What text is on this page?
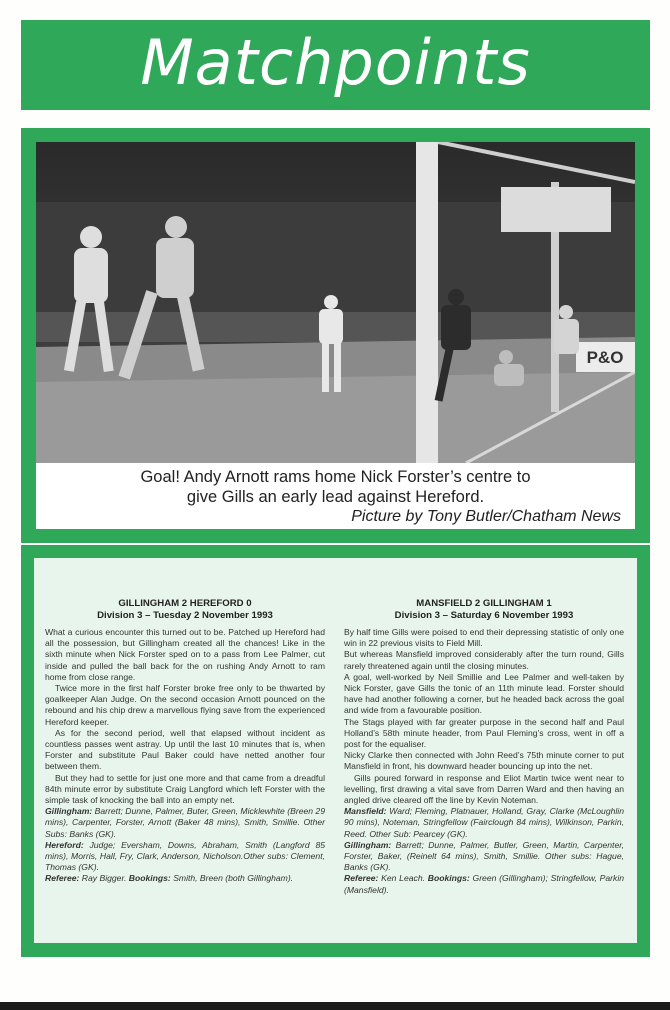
Matchpoints
P&O
Goal! Andy Arnott rams home Nick Forster’s centre to
give Gills an early lead against Hereford.
Picture by Tony Butler/Chatham News
GILLINGHAM 2 HEREFORD 0
Division 3 – Tuesday 2 November 1993

What a curious encounter this turned out to be. Patched up Hereford had all the possession, but Gillingham created all the chances! Like in the sixth minute when Nick Forster sped on to a pass from Lee Palmer, cut inside and pulled the ball back for the on rushing Andy Arnott to ram home from close range.

Twice more in the first half Forster broke free only to be thwarted by goalkeeper Alan Judge. On the second occasion Arnott pounced on the rebound and his chip drew a marvellous flying save from the experienced Hereford keeper.

As for the second period, well that elapsed without incident as countless passes went astray. Up until the last 10 minutes that is, when Forster and substitute Paul Baker could have netted another four between them.

But they had to settle for just one more and that came from a dreadful 84th minute error by substitute Craig Langford which left Forster with the simple task of knocking the ball into an empty net.

Gillingham: Barrett; Dunne, Palmer, Buter, Green, Micklewhite (Breen 29 mins), Carpenter, Forster, Arnott (Baker 48 mins), Smith, Smillie. Other Subs: Banks (GK).

Hereford: Judge; Eversham, Downs, Abraham, Smith (Langford 85 mins), Morris, Hall, Fry, Clark, Anderson, Nicholson.Other subs: Clement, Thomas (GK).

Referee: Ray Bigger. Bookings: Smith, Breen (both Gillingham).

MANSFIELD 2 GILLINGHAM 1
Division 3 – Saturday 6 November 1993

By half time Gills were poised to end their depressing statistic of only one win in 22 previous visits to Field Mill.

But whereas Mansfield improved considerably after the turn round, Gills rarely threatened again until the closing minutes.

A goal, well-worked by Neil Smillie and Lee Palmer and well-taken by Nick Forster, gave Gills the tonic of an 11th minute lead. Forster should have had another following a corner, but he headed back across the goal and wide from a favourable position.

The Stags played with far greater purpose in the second half and Paul Holland’s 58th minute header, from Paul Fleming’s cross, went in off a post for the equaliser.

Nicky Clarke then connected with John Reed’s 75th minute corner to put Mansfield in front, his downward header bouncing up into the net.

Gills poured forward in response and Eliot Martin twice went near to levelling, first drawing a vital save from Darren Ward and then having an angled drive cleared off the line by Kevin Noteman.

Mansfield: Ward; Fleming, Platnauer, Holland, Gray, Clarke (McLoughlin 90 mins), Noteman, Stringfellow (Fairclough 84 mins), Wilkinson, Parkin, Reed. Other Sub: Pearcey (GK).

Gillingham: Barrett; Dunne, Palmer, Butler, Green, Martin, Carpenter, Forster, Baker, (Reinelt 64 mins), Smith, Smillie. Other subs: Hague, Banks (GK).

Referee: Ken Leach. Bookings: Green (Gillingham); Stringfellow, Parkin (Mansfield).
